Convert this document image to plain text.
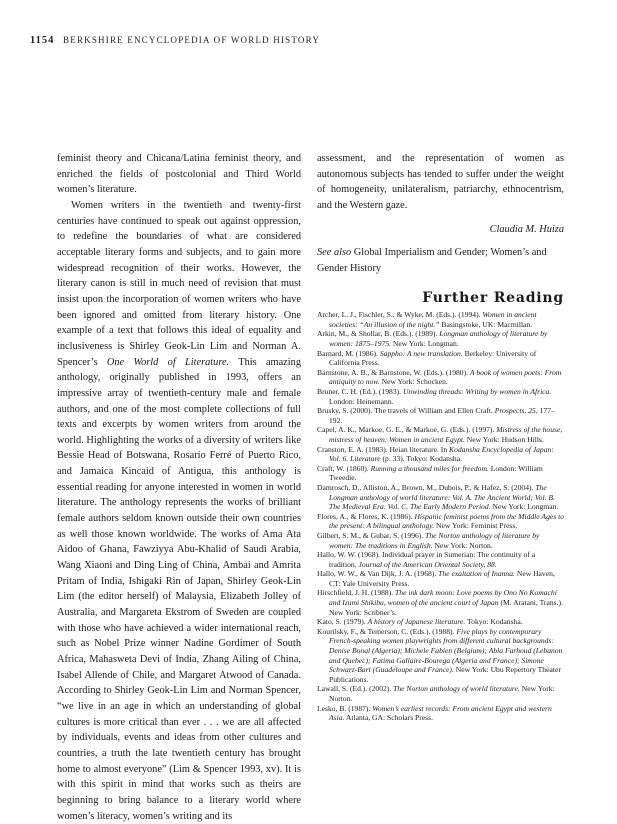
1154 BERKSHIRE ENCYCLOPEDIA OF WORLD HISTORY

feminist theory and Chicana/Latina feminist theory, and enriched the fields of postcolonial and Third World women’s literature.

Women writers in the twentieth and twenty-first centuries have continued to speak out against oppression, to redefine the boundaries of what are considered acceptable literary forms and subjects, and to gain more widespread recognition of their works. However, the literary canon is still in much need of revision that must insist upon the incorporation of women writers who have been ignored and omitted from literary history. One example of a text that follows this ideal of equality and inclusiveness is Shirley Geok-Lin Lim and Norman A. Spencer’s One World of Literature. This amazing anthology, originally published in 1993, offers an impressive array of twentieth-century male and female authors, and one of the most complete collections of full texts and excerpts by women writers from around the world. Highlighting the works of a diversity of writers like Bessie Head of Botswana, Rosario Ferré of Puerto Rico, and Jamaica Kincaid of Antigua, this anthology is essential reading for anyone interested in women in world literature. The anthology represents the works of brilliant female authors seldom known outside their own countries as well those known worldwide. The works of Ama Ata Aidoo of Ghana, Fawziyya Abu-Khalid of Saudi Arabia, Wang Xiaoni and Ding Ling of China, Ambai and Amrita Pritam of India, Ishigaki Rin of Japan, Shirley Geok-Lin Lim (the editor herself) of Malaysia, Elizabeth Jolley of Australia, and Margareta Ekstrom of Sweden are coupled with those who have achieved a wider international reach, such as Nobel Prize winner Nadine Gordimer of South Africa, Mahasweta Devi of India, Zhang Ailing of China, Isabel Allende of Chile, and Margaret Atwood of Canada. According to Shirley Geok-Lin Lim and Norman Spencer, “we live in an age in which an understanding of global cultures is more critical than ever . . . we are all affected by individuals, events and ideas from other cultures and countries, a truth the late twentieth century has brought home to almost everyone” (Lim & Spencer 1993, xv). It is with this spirit in mind that works such as theirs are beginning to bring balance to a literary world where women’s literacy, women’s writing and its

assessment, and the representation of women as autonomous subjects has tended to suffer under the weight of homogeneity, unilateralism, patriarchy, ethnocentrism, and the Western gaze.

Claudia M. Huiza

See also Global Imperialism and Gender; Women’s and Gender History

Further Reading

Archer, L. J., Fischler, S., & Wyke, M. (Eds.). (1994). Women in ancient societies: “An illusion of the night.” Basingstoke, UK: Macmillan.

Arkin, M., & Shollar, B. (Eds.). (1989). Longman anthology of literature by women: 1875–1975. New York: Longman.

Barnard, M. (1986). Sappho: A new translation. Berkeley: University of California Press.

Barnstone, A. B., & Barnstone, W. (Eds.). (1980). A book of women poets: From antiquity to now. New York: Schocken.

Bruner, C. H. (Ed.). (1983). Unwinding threads: Writing by women in Africa. London: Heinemann.

Brusky, S. (2000). The travels of William and Ellen Craft. Prospects, 25, 177–192.

Capel, A. K., Markoe, G. E., & Markoe, G. (Eds.). (1997). Mistress of the house, mistress of heaven: Women in ancient Egypt. New York: Hudson Hills.

Cranston, E. A. (1983). Heian literature. In Kodansha Encyclopedia of Japan: Vol. 6. Literature (p. 33). Tokyo: Kodansha.

Craft, W. (1860). Running a thousand miles for freedom. London: William Tweedie.

Damrosch, D., Alliston, A., Brown, M., Dubois, P., & Hafez, S. (2004). The Longman anthology of world literature: Vol. A. The Ancient World; Vol. B. The Medieval Era. Vol. C. The Early Modern Period. New York: Longman.

Flores, A., & Flores, K. (1986). Hispanic feminist poems from the Middle Ages to the present: A bilingual anthology. New York: Feminist Press.

Gilbert, S. M., & Gubar, S. (1996). The Norton anthology of literature by women: The traditions in English. New York: Norton.

Hallo, W. W. (1968). Individual prayer in Sumerian: The continuity of a tradition. Journal of the American Oriental Society, 88.

Hallo, W. W., & Van Dijk, J. A. (1968). The exaltation of Inanna. New Haven, CT: Yale University Press.

Hirschfield, J. H. (1988). The ink dark moon: Love poems by Ono No Komachi and Izumi Shikibu, women of the ancient court of Japan (M. Aratani, Trans.). New York: Scribner’s.

Kato, S. (1979). A history of Japanese literature. Tokyo: Kodansha.

Kourilsky, F., & Temerson, C. (Eds.). (1988). Five plays by contemporary French-speaking women playwrights from different cultural backgrounds: Denise Bonal (Algeria); Michele Fabien (Belgium); Abla Farhoud (Lebanon and Quebec); Fatima Gallaire-Bourega (Algeria and France); Simone Schwarz-Bart (Guadeloupe and France). New York: Ubu Repertory Theater Publications.

Lawall, S. (Ed.). (2002). The Norton anthology of world literature. New York: Norton.

Lesko, B. (1987). Women’s earliest records: From ancient Egypt and western Asia. Atlanta, GA: Scholars Press.
